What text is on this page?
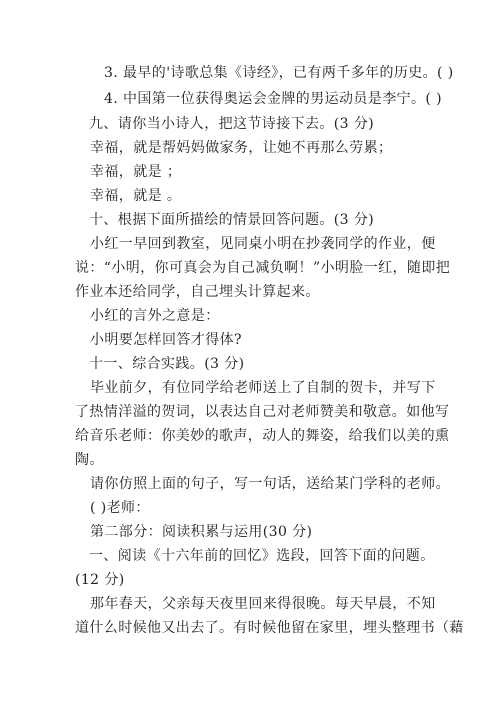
3. 最早的'诗歌总集《诗经》，已有两千多年的历史。( )
4. 中国第一位获得奥运会金牌的男运动员是李宁。( )
九、请你当小诗人，把这节诗接下去。(3 分)
幸福，就是帮妈妈做家务，让她不再那么劳累；
幸福，就是 ；
幸福，就是 。
十、根据下面所描绘的情景回答问题。(3 分)
小红一早回到教室，见同桌小明在抄袭同学的作业，便
说：“小明，你可真会为自己减负啊！”小明脸一红，随即把
作业本还给同学，自己埋头计算起来。
小红的言外之意是：
小明要怎样回答才得体?
十一、综合实践。(3 分)
毕业前夕，有位同学给老师送上了自制的贺卡，并写下
了热情洋溢的贺词，以表达自己对老师赞美和敬意。如他写
给音乐老师：你美妙的歌声，动人的舞姿，给我们以美的熏
陶。
请你仿照上面的句子，写一句话，送给某门学科的老师。
( )老师：
第二部分：阅读积累与运用(30 分)
一、阅读《十六年前的回忆》选段，回答下面的问题。
(12 分)
那年春天，父亲每天夜里回来得很晚。每天早晨，不知
道什么时候他又出去了。有时候他留在家里，埋头整理书（藉
